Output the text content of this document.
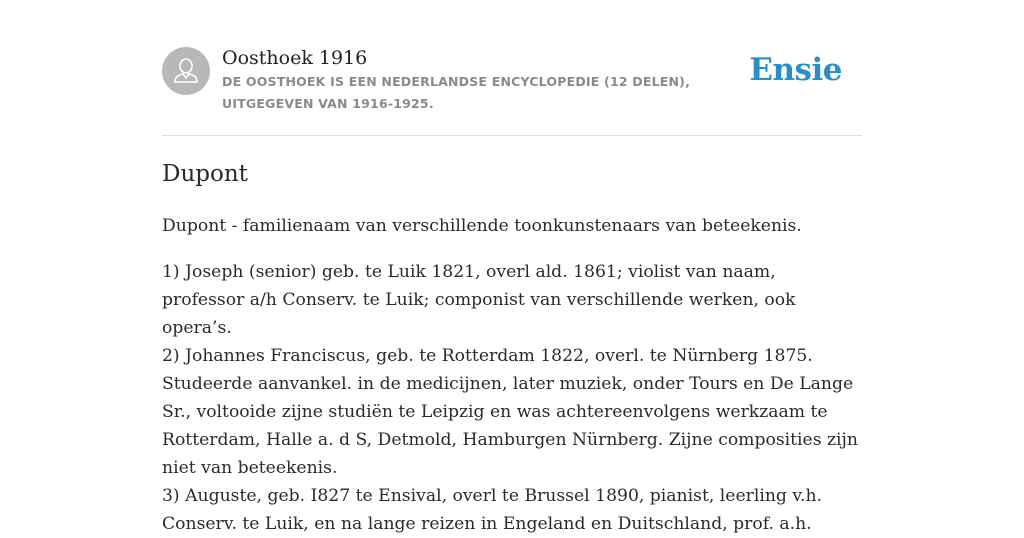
Oosthoek 1916
DE OOSTHOEK IS EEN NEDERLANDSE ENCYCLOPEDIE (12 DELEN), UITGEGEVEN VAN 1916-1925.
Ensie
Dupont

Dupont - familienaam van verschillende toonkunstenaars van beteekenis.

1) Joseph (senior) geb. te Luik 1821, overl ald. 1861; violist van naam, professor a/h Conserv. te Luik; componist van verschillende werken, ook opera’s.

2) Johannes Franciscus, geb. te Rotterdam 1822, overl. te Nürnberg 1875. Studeerde aanvankel. in de medicijnen, later muziek, onder Tours en De Lange Sr., voltooide zijne studiën te Leipzig en was achtereenvolgens werkzaam te Rotterdam, Halle a. d S, Detmold, Hamburgen Nürnberg. Zijne composities zijn niet van beteekenis.

3) Auguste, geb. I827 te Ensival, overl te Brussel 1890, pianist, leerling v.h. Conserv. te Luik, en na lange reizen in Engeland en Duitschland, prof. a.h.
